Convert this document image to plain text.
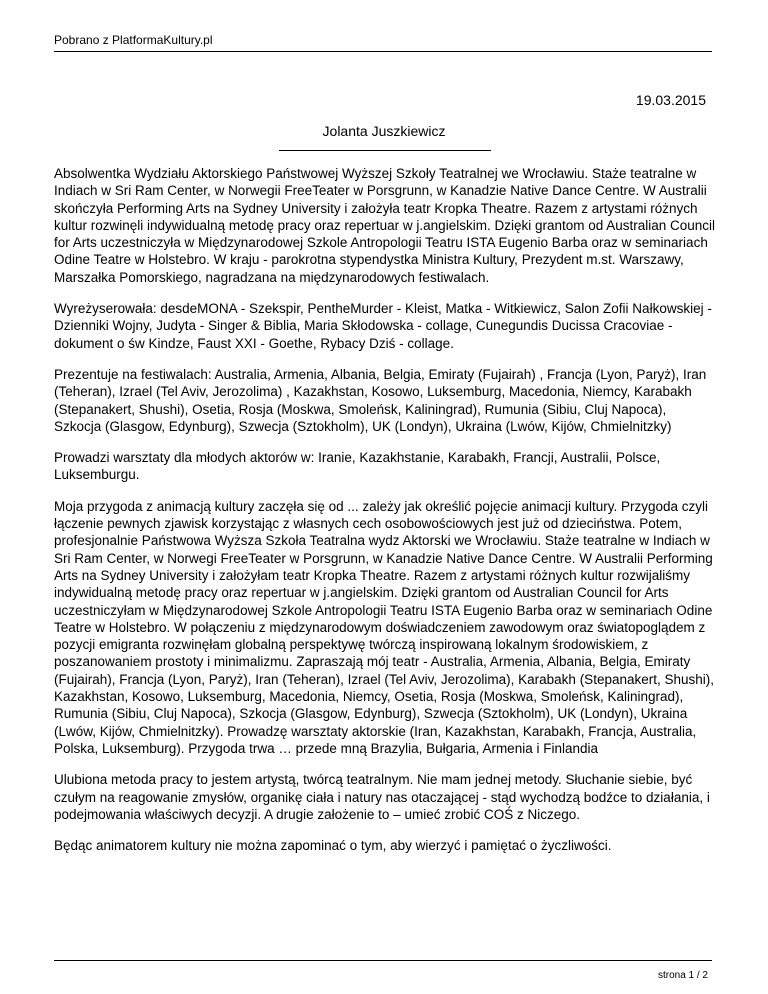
Pobrano z PlatformaKultury.pl
19.03.2015
Jolanta Juszkiewicz

Absolwentka Wydziału Aktorskiego Państwowej Wyższej Szkoły Teatralnej we Wrocławiu. Staże teatralne w Indiach w Sri Ram Center, w Norwegii FreeTeater w Porsgrunn, w Kanadzie Native Dance Centre. W Australii skończyła Performing Arts na Sydney University i założyła teatr Kropka Theatre. Razem z artystami różnych kultur rozwinęli indywidualną metodę pracy oraz repertuar w j.angielskim. Dzięki grantom od Australian Council for Arts uczestniczyła w Międzynarodowej Szkole Antropologii Teatru ISTA Eugenio Barba oraz w seminariach Odine Teatre w Holstebro. W kraju - parokrotna stypendystka Ministra Kultury, Prezydent m.st. Warszawy, Marszałka Pomorskiego, nagradzana na międzynarodowych festiwalach.

Wyreżyserowała: desdeMONA - Szekspir, PentheMurder - Kleist, Matka - Witkiewicz, Salon Zofii Nałkowskiej - Dzienniki Wojny, Judyta - Singer & Biblia, Maria Skłodowska - collage, Cunegundis Ducissa Cracoviae - dokument o św Kindze, Faust XXI - Goethe, Rybacy Dziś - collage.

Prezentuje na festiwalach: Australia, Armenia, Albania, Belgia, Emiraty (Fujairah) , Francja (Lyon, Paryż), Iran (Teheran), Izrael (Tel Aviv, Jerozolima) , Kazakhstan, Kosowo, Luksemburg, Macedonia, Niemcy, Karabakh (Stepanakert, Shushi), Osetia, Rosja (Moskwa, Smoleńsk, Kaliningrad), Rumunia (Sibiu, Cluj Napoca), Szkocja (Glasgow, Edynburg), Szwecja (Sztokholm), UK (Londyn), Ukraina (Lwów, Kijów, Chmielnitzky)

Prowadzi warsztaty dla młodych aktorów w: Iranie, Kazakhstanie, Karabakh, Francji, Australii, Polsce, Luksemburgu.

Moja przygoda z animacją kultury zaczęła się od ... zależy jak określić pojęcie animacji kultury. Przygoda czyli łączenie pewnych zjawisk korzystając z własnych cech osobowościowych jest już od dzieciństwa. Potem, profesjonalnie Państwowa Wyższa Szkoła Teatralna wydz Aktorski we Wrocławiu. Staże teatralne w Indiach w Sri Ram Center, w Norwegi FreeTeater w Porsgrunn, w Kanadzie Native Dance Centre. W Australii Performing Arts na Sydney University i założyłam teatr Kropka Theatre. Razem z artystami różnych kultur rozwijaliśmy indywidualną metodę pracy oraz repertuar w j.angielskim. Dzięki grantom od Australian Council for Arts uczestniczyłam w Międzynarodowej Szkole Antropologii Teatru ISTA Eugenio Barba oraz w seminariach Odine Teatre w Holstebro. W połączeniu z międzynarodowym doświadczeniem zawodowym oraz światopoglądem z pozycji emigranta rozwinęłam globalną perspektywę twórczą inspirowaną lokalnym środowiskiem, z poszanowaniem prostoty i minimalizmu. Zapraszają mój teatr - Australia, Armenia, Albania, Belgia, Emiraty (Fujairah), Francja (Lyon, Paryż), Iran (Teheran), Izrael (Tel Aviv, Jerozolima), Karabakh (Stepanakert, Shushi), Kazakhstan, Kosowo, Luksemburg, Macedonia, Niemcy, Osetia, Rosja (Moskwa, Smoleńsk, Kaliningrad), Rumunia (Sibiu, Cluj Napoca), Szkocja (Glasgow, Edynburg), Szwecja (Sztokholm), UK (Londyn), Ukraina (Lwów, Kijów, Chmielnitzky). Prowadzę warsztaty aktorskie (Iran, Kazakhstan, Karabakh, Francja, Australia, Polska, Luksemburg). Przygoda trwa … przede mną Brazylia, Bułgaria, Armenia i Finlandia

Ulubiona metoda pracy to jestem artystą, twórcą teatralnym. Nie mam jednej metody. Słuchanie siebie, być czułym na reagowanie zmysłów, organikę ciała i natury nas otaczającej - stąd wychodzą bodźce to działania, i podejmowania właściwych decyzji. A drugie założenie to – umieć zrobić COŚ z Niczego.

Będąc animatorem kultury nie można zapominać o tym, aby wierzyć i pamiętać o życzliwości.

strona 1 / 2
